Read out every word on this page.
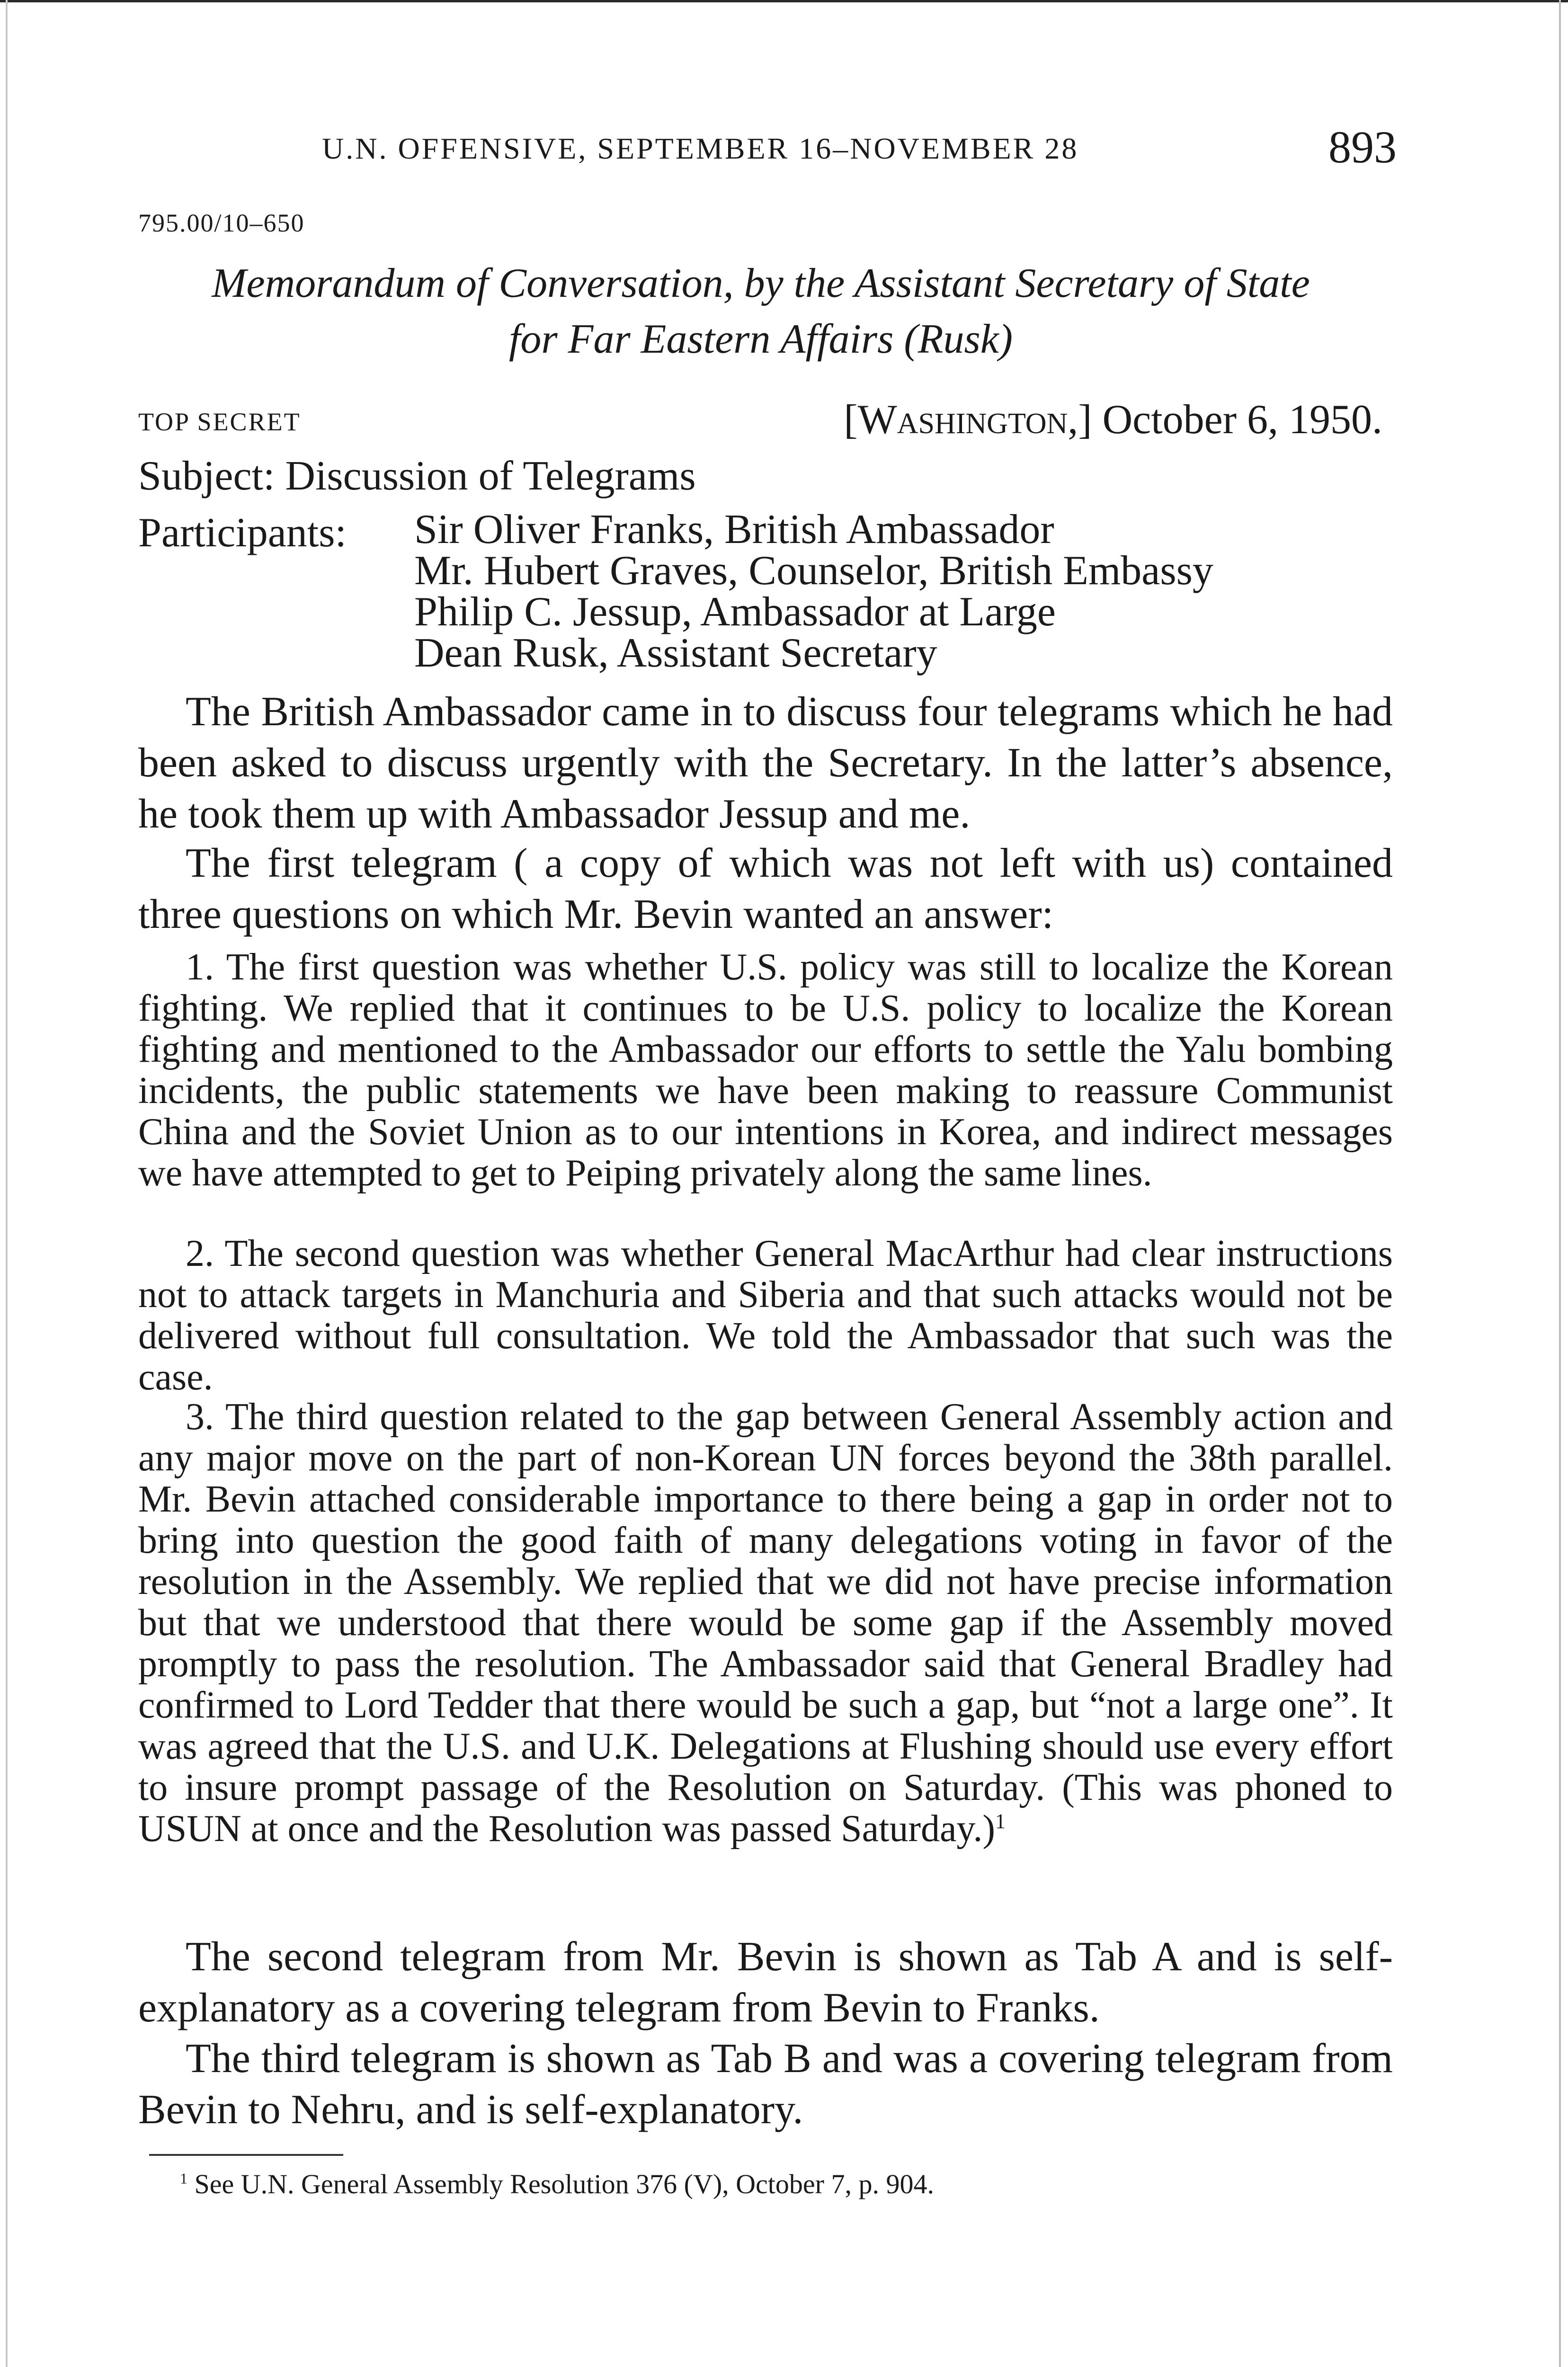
U.N. OFFENSIVE, SEPTEMBER 16–NOVEMBER 28	893
795.00/10–650
Memorandum of Conversation, by the Assistant Secretary of State
for Far Eastern Affairs (Rusk)
TOP SECRET	[Washington,] October 6, 1950.
Subject: Discussion of Telegrams
Participants: Sir Oliver Franks, British Ambassador
Mr. Hubert Graves, Counselor, British Embassy
Philip C. Jessup, Ambassador at Large
Dean Rusk, Assistant Secretary
The British Ambassador came in to discuss four telegrams which he had been asked to discuss urgently with the Secretary. In the latter’s absence, he took them up with Ambassador Jessup and me.
The first telegram ( a copy of which was not left with us) contained three questions on which Mr. Bevin wanted an answer:
1. The first question was whether U.S. policy was still to localize the Korean fighting. We replied that it continues to be U.S. policy to localize the Korean fighting and mentioned to the Ambassador our efforts to settle the Yalu bombing incidents, the public statements we have been making to reassure Communist China and the Soviet Union as to our intentions in Korea, and indirect messages we have attempted to get to Peiping privately along the same lines.
2. The second question was whether General MacArthur had clear instructions not to attack targets in Manchuria and Siberia and that such attacks would not be delivered without full consultation. We told the Ambassador that such was the case.
3. The third question related to the gap between General Assembly action and any major move on the part of non-Korean UN forces beyond the 38th parallel. Mr. Bevin attached considerable importance to there being a gap in order not to bring into question the good faith of many delegations voting in favor of the resolution in the Assembly. We replied that we did not have precise information but that we understood that there would be some gap if the Assembly moved promptly to pass the resolution. The Ambassador said that General Bradley had confirmed to Lord Tedder that there would be such a gap, but “not a large one”. It was agreed that the U.S. and U.K. Delegations at Flushing should use every effort to insure prompt passage of the Resolution on Saturday. (This was phoned to USUN at once and the Resolution was passed Saturday.)$^1$
The second telegram from Mr. Bevin is shown as Tab A and is self-explanatory as a covering telegram from Bevin to Franks.
The third telegram is shown as Tab B and was a covering telegram from Bevin to Nehru, and is self-explanatory.
$^1$ See U.N. General Assembly Resolution 376 (V), October 7, p. 904.
